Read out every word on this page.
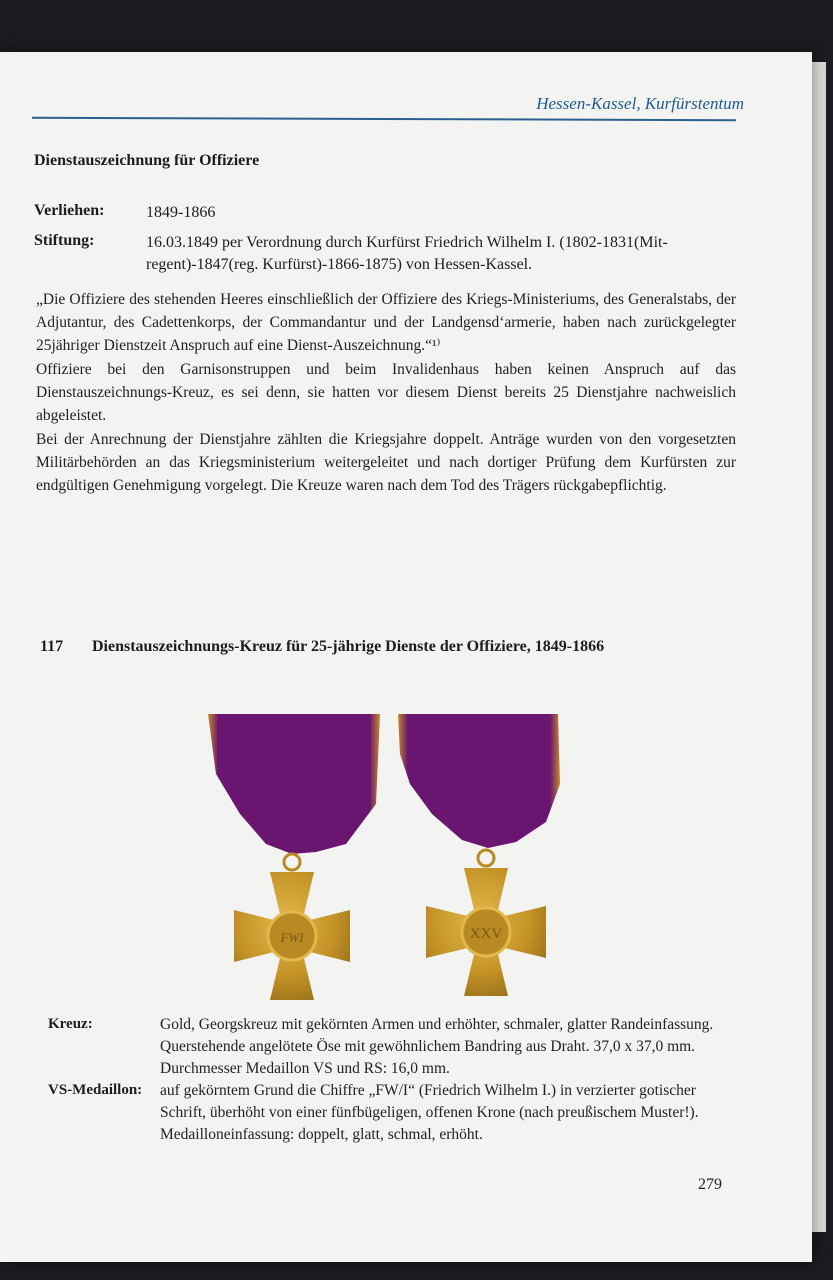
Hessen-Kassel, Kurfürstentum
Dienstauszeichnung für Offiziere
Verliehen:	1849-1866
Stiftung:	16.03.1849 per Verordnung durch Kurfürst Friedrich Wilhelm I. (1802-1831(Mit-regent)-1847(reg. Kurfürst)-1866-1875) von Hessen-Kassel.
„Die Offiziere des stehenden Heeres einschließlich der Offiziere des Kriegs-Ministeriums, des Generalstabs, der Adjutantur, des Cadettenkorps, der Commandantur und der Landgensd‘armerie, haben nach zurückgelegter 25jähriger Dienstzeit Anspruch auf eine Dienst-Auszeichnung.“¹⁾
Offiziere bei den Garnisonstruppen und beim Invalidenhaus haben keinen Anspruch auf das Dienstauszeichnungs-Kreuz, es sei denn, sie hatten vor diesem Dienst bereits 25 Dienstjahre nachweislich abgeleistet.
Bei der Anrechnung der Dienstjahre zählten die Kriegsjahre doppelt. Anträge wurden von den vorgesetzten Militärbehörden an das Kriegsministerium weitergeleitet und nach dortiger Prüfung dem Kurfürsten zur endgültigen Genehmigung vorgelegt. Die Kreuze waren nach dem Tod des Trägers rückgabepflichtig.
117 Dienstauszeichnungs-Kreuz für 25-jährige Dienste der Offiziere, 1849-1866
FWI	XXV
Kreuz:	Gold, Georgskreuz mit gekörnten Armen und erhöhter, schmaler, glatter Randeinfassung. Querstehende angelötete Öse mit gewöhnlichem Bandring aus Draht. 37,0 x 37,0 mm. Durchmesser Medaillon VS und RS: 16,0 mm.
VS-Medaillon: auf gekörntem Grund die Chiffre „FW/I“ (Friedrich Wilhelm I.) in verzierter gotischer Schrift, überhöht von einer fünfbügeligen, offenen Krone (nach preußischem Muster!). Medailloneinfassung: doppelt, glatt, schmal, erhöht.
279
